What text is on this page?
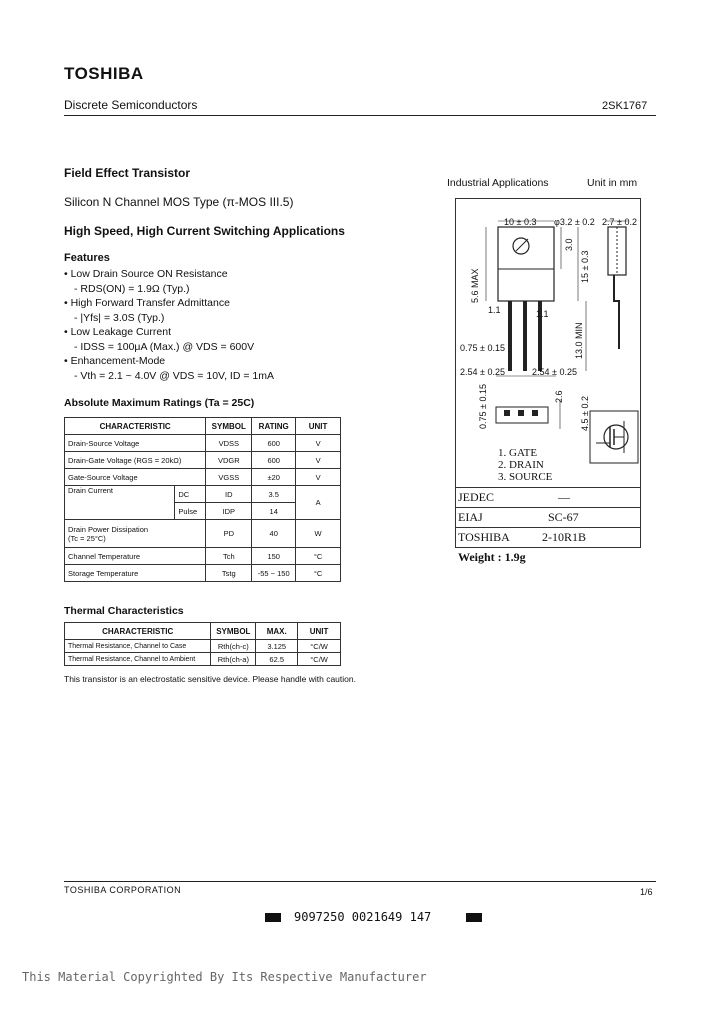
TOSHIBA
Discrete Semiconductors	2SK1767
Field Effect Transistor
Silicon N Channel MOS Type (π-MOS III.5)
High Speed, High Current Switching Applications
Features
• Low Drain Source ON Resistance
- RDS(ON) = 1.9Ω (Typ.)
• High Forward Transfer Admittance
- |Yfs| = 3.0S (Typ.)
• Low Leakage Current
- IDSS = 100μA (Max.) @ VDS = 600V
• Enhancement-Mode
- Vth = 2.1 ~ 4.0V @ VDS = 10V, ID = 1mA
Absolute Maximum Ratings (Ta = 25C)
CHARACTERISTIC		SYMBOL	RATING	UNIT
Drain-Source Voltage		VDSS	600	V
Drain-Gate Voltage (RGS = 20kΩ)		VDGR	600	V
Gate-Source Voltage		VGSS	±20	V
Drain Current	DC	ID	3.5	A
	Pulse	IDP	14	
Drain Power Dissipation
(Tc = 25°C)		PD	40	W
Channel Temperature		Tch	150	°C
Storage Temperature		Tstg	-55 ~ 150	°C
Thermal Characteristics
CHARACTERISTIC	SYMBOL	MAX.	UNIT
Thermal Resistance, Channel to Case	Rth(ch-c)	3.125	°C/W
Thermal Resistance, Channel to Ambient	Rth(ch-a)	62.5	°C/W
This transistor is an electrostatic sensitive device. Please handle with caution.
Industrial Applications	Unit in mm
10 ± 0.3 φ3.2 ± 0.2 2.7 ± 0.2
3.0
15 ± 0.3
5.6 MAX
1.1	1.1
13.0 MIN
0.75 ± 0.15
2.54 ± 0.25	2.54 ± 0.25
0.75 ± 0.15	2.6 4.5 ± 0.2
1. GATE
2. DRAIN
3. SOURCE
JEDEC	—
EIAJ	SC-67
TOSHIBA	2-10R1B
Weight : 1.9g
TOSHIBA CORPORATION	1/6
9097250 0021649 147
This Material Copyrighted By Its Respective Manufacturer
